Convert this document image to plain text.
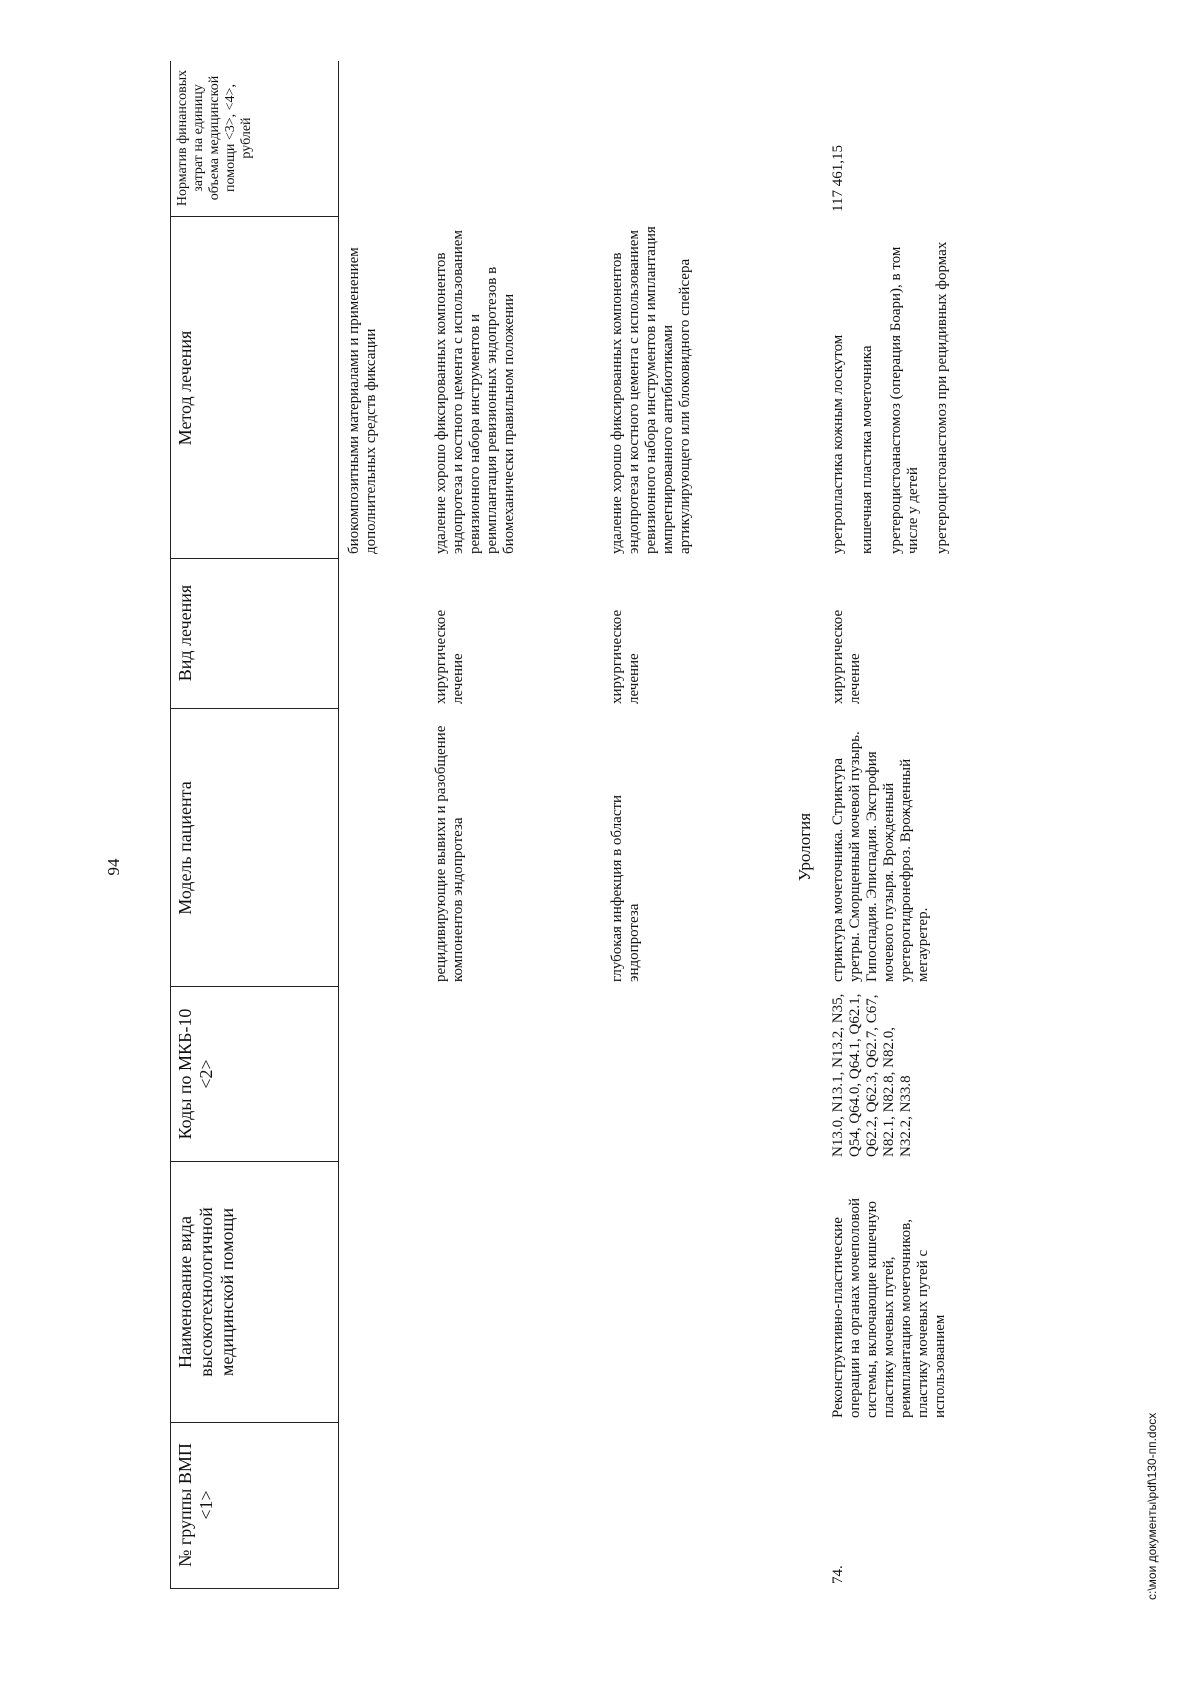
94
№ группы ВМП <1>
Наименование вида высокотехнологичной медицинской помощи
Коды по МКБ-10 <2>
Модель пациента
Вид лечения
Метод лечения
Норматив финансовых затрат на единицу объема медицинской помощи <3>, <4>, рублей
биокомпозитными материалами и применением дополнительных средств фиксации
рецидивирующие вывихи и разобщение компонентов эндопротеза
хирургическое лечение
удаление хорошо фиксированных компонентов эндопротеза и костного цемента с использованием ревизионного набора инструментов и реимплантация ревизионных эндопротезов в биомеханически правильном положении
глубокая инфекция в области эндопротеза
хирургическое лечение
удаление хорошо фиксированных компонентов эндопротеза и костного цемента с использованием ревизионного набора инструментов и имплантация импрегнированного антибиотиками артикулирующего или блоковидного спейсера
Урология
74.
Реконструктивно-пластические операции на органах мочеполовой системы, включающие кишечную пластику мочевых путей, реимплантацию мочеточников, пластику мочевых путей с использованием
N13.0, N13.1, N13.2, N35, Q54, Q64.0, Q64.1, Q62.1, Q62.2, Q62.3, Q62.7, C67, N82.1, N82.8, N82.0, N32.2, N33.8
стриктура мочеточника. Стриктура уретры. Сморщенный мочевой пузырь. Гипоспадия. Эписпадия. Экстрофия мочевого пузыря. Врожденный уретерогидронефроз. Врожденный мегауретер.
хирургическое лечение

уретропластика кожным лоскутом кишечная пластика мочеточника уретероцистоанастомоз (операция Боари), в том числе у детей уретероцистоанастомоз при рецидивных формах

117 461,15
c:\мои документы\pdf\130-пп.docx
